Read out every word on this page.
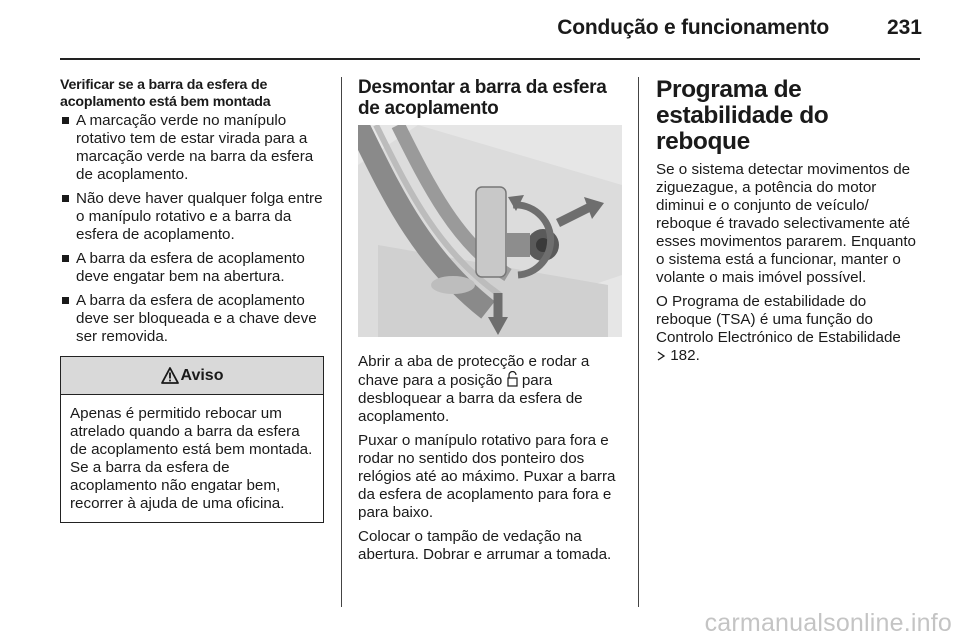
Condução e funcionamento	231
Verificar se a barra da esfera de acoplamento está bem montada
A marcação verde no manípulo rotativo tem de estar virada para a marcação verde na barra da esfera de acoplamento.
Não deve haver qualquer folga entre o manípulo rotativo e a barra da esfera de acoplamento.
A barra da esfera de acoplamento deve engatar bem na abertura.
A barra da esfera de acoplamento deve ser bloqueada e a chave deve ser removida.
Aviso
Apenas é permitido rebocar um atrelado quando a barra da esfera de acoplamento está bem montada. Se a barra da esfera de acoplamento não engatar bem, recorrer à ajuda de uma oficina.
Desmontar a barra da esfera de acoplamento

Abrir a aba de protecção e rodar a chave para a posição para desbloquear a barra da esfera de acoplamento.

Puxar o manípulo rotativo para fora e rodar no sentido dos ponteiro dos relógios até ao máximo. Puxar a barra da esfera de acoplamento para fora e para baixo.

Colocar o tampão de vedação na abertura. Dobrar e arrumar a tomada.

Programa de estabilidade do reboque

Se o sistema detectar movimentos de ziguezague, a potência do motor diminui e o conjunto de veículo/ reboque é travado selectivamente até esses movimentos pararem. Enquanto o sistema está a funcionar, manter o volante o mais imóvel possível.

O Programa de estabilidade do reboque (TSA) é uma função do Controlo Electrónico de Estabilidade
182.

carmanualsonline.info
